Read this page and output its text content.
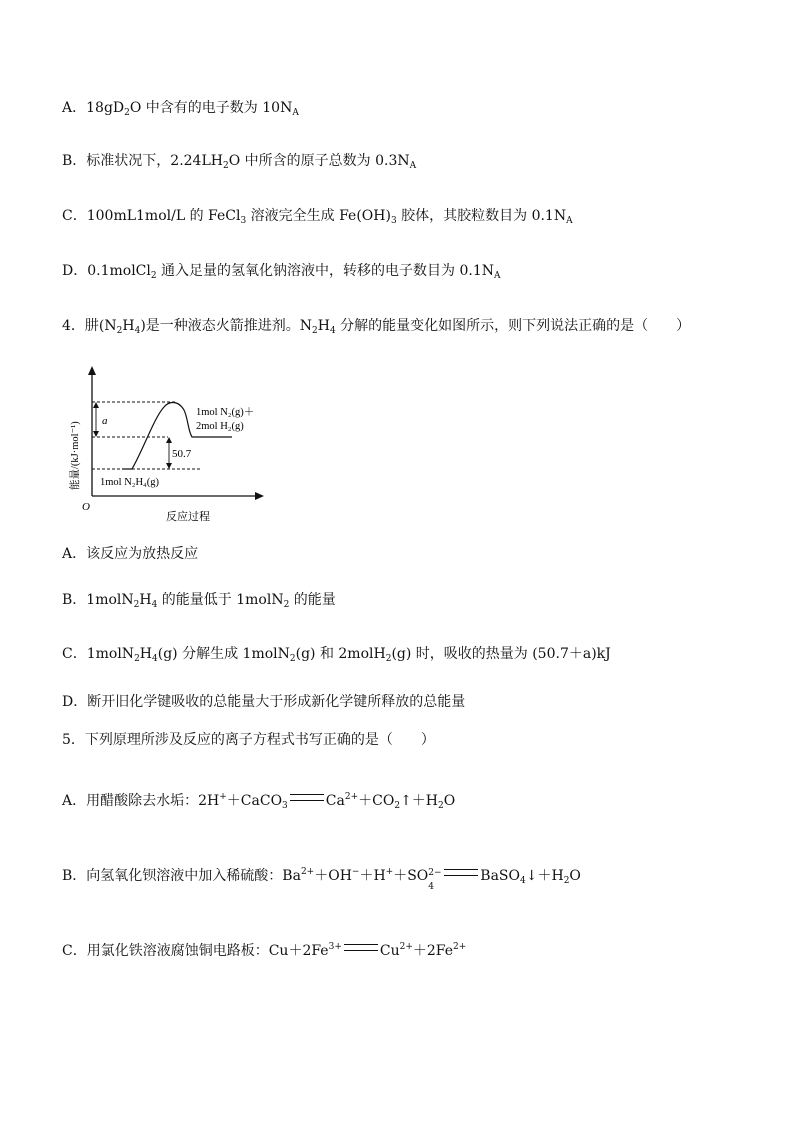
A．$18gD_2O$ 中含有的电子数为 $10N_A$
B．标准状况下，$2.24LH_2O$ 中所含的原子总数为 $0.3N_A$
C．100mL1mol/L 的 FeCl$_3$ 溶液完全生成 $Fe(OH)_3$ 胶体，其胶粒数目为 $0.1N_A$
D．0.1molCl$_2$ 通入足量的氢氧化钠溶液中，转移的电子数目为 $0.1N_A$
4．肼$(N_2H_4)$是一种液态火箭推进剂。$N_2H_4$ 分解的能量变化如图所示，则下列说法正确的是（　　）
a
50.7
1mol N₂(g)＋
2mol H₂(g)
1mol N₂H₄(g)
O
反应过程
能量/(kJ·mol⁻¹)
A．该反应为放热反应
B．$1molN_2H_4$ 的能量低于 1molN$_2$ 的能量
C．$1molN_2H_4(g)$ 分解生成 1molN$_2$(g) 和 2molH$_2$(g) 时，吸收的热量为 (50.7＋a)kJ
D．断开旧化学键吸收的总能量大于形成新化学键所释放的总能量
5．下列原理所涉及反应的离子方程式书写正确的是（　　）
A．用醋酸除去水垢：2H+＋CaCO$_3$	$Ca^{2+}+CO_2↑+H_2O$
B．向氢氧化钡溶液中加入稀硫酸：$Ba^{2+}+OH^-+H^++SO$ 2−
4
$BaSO_4↓+H_2O$
C．用氯化铁溶液腐蚀铜电路板：$Cu+2Fe^{3+}$	$Cu^{2+}+2Fe^{2+}$
